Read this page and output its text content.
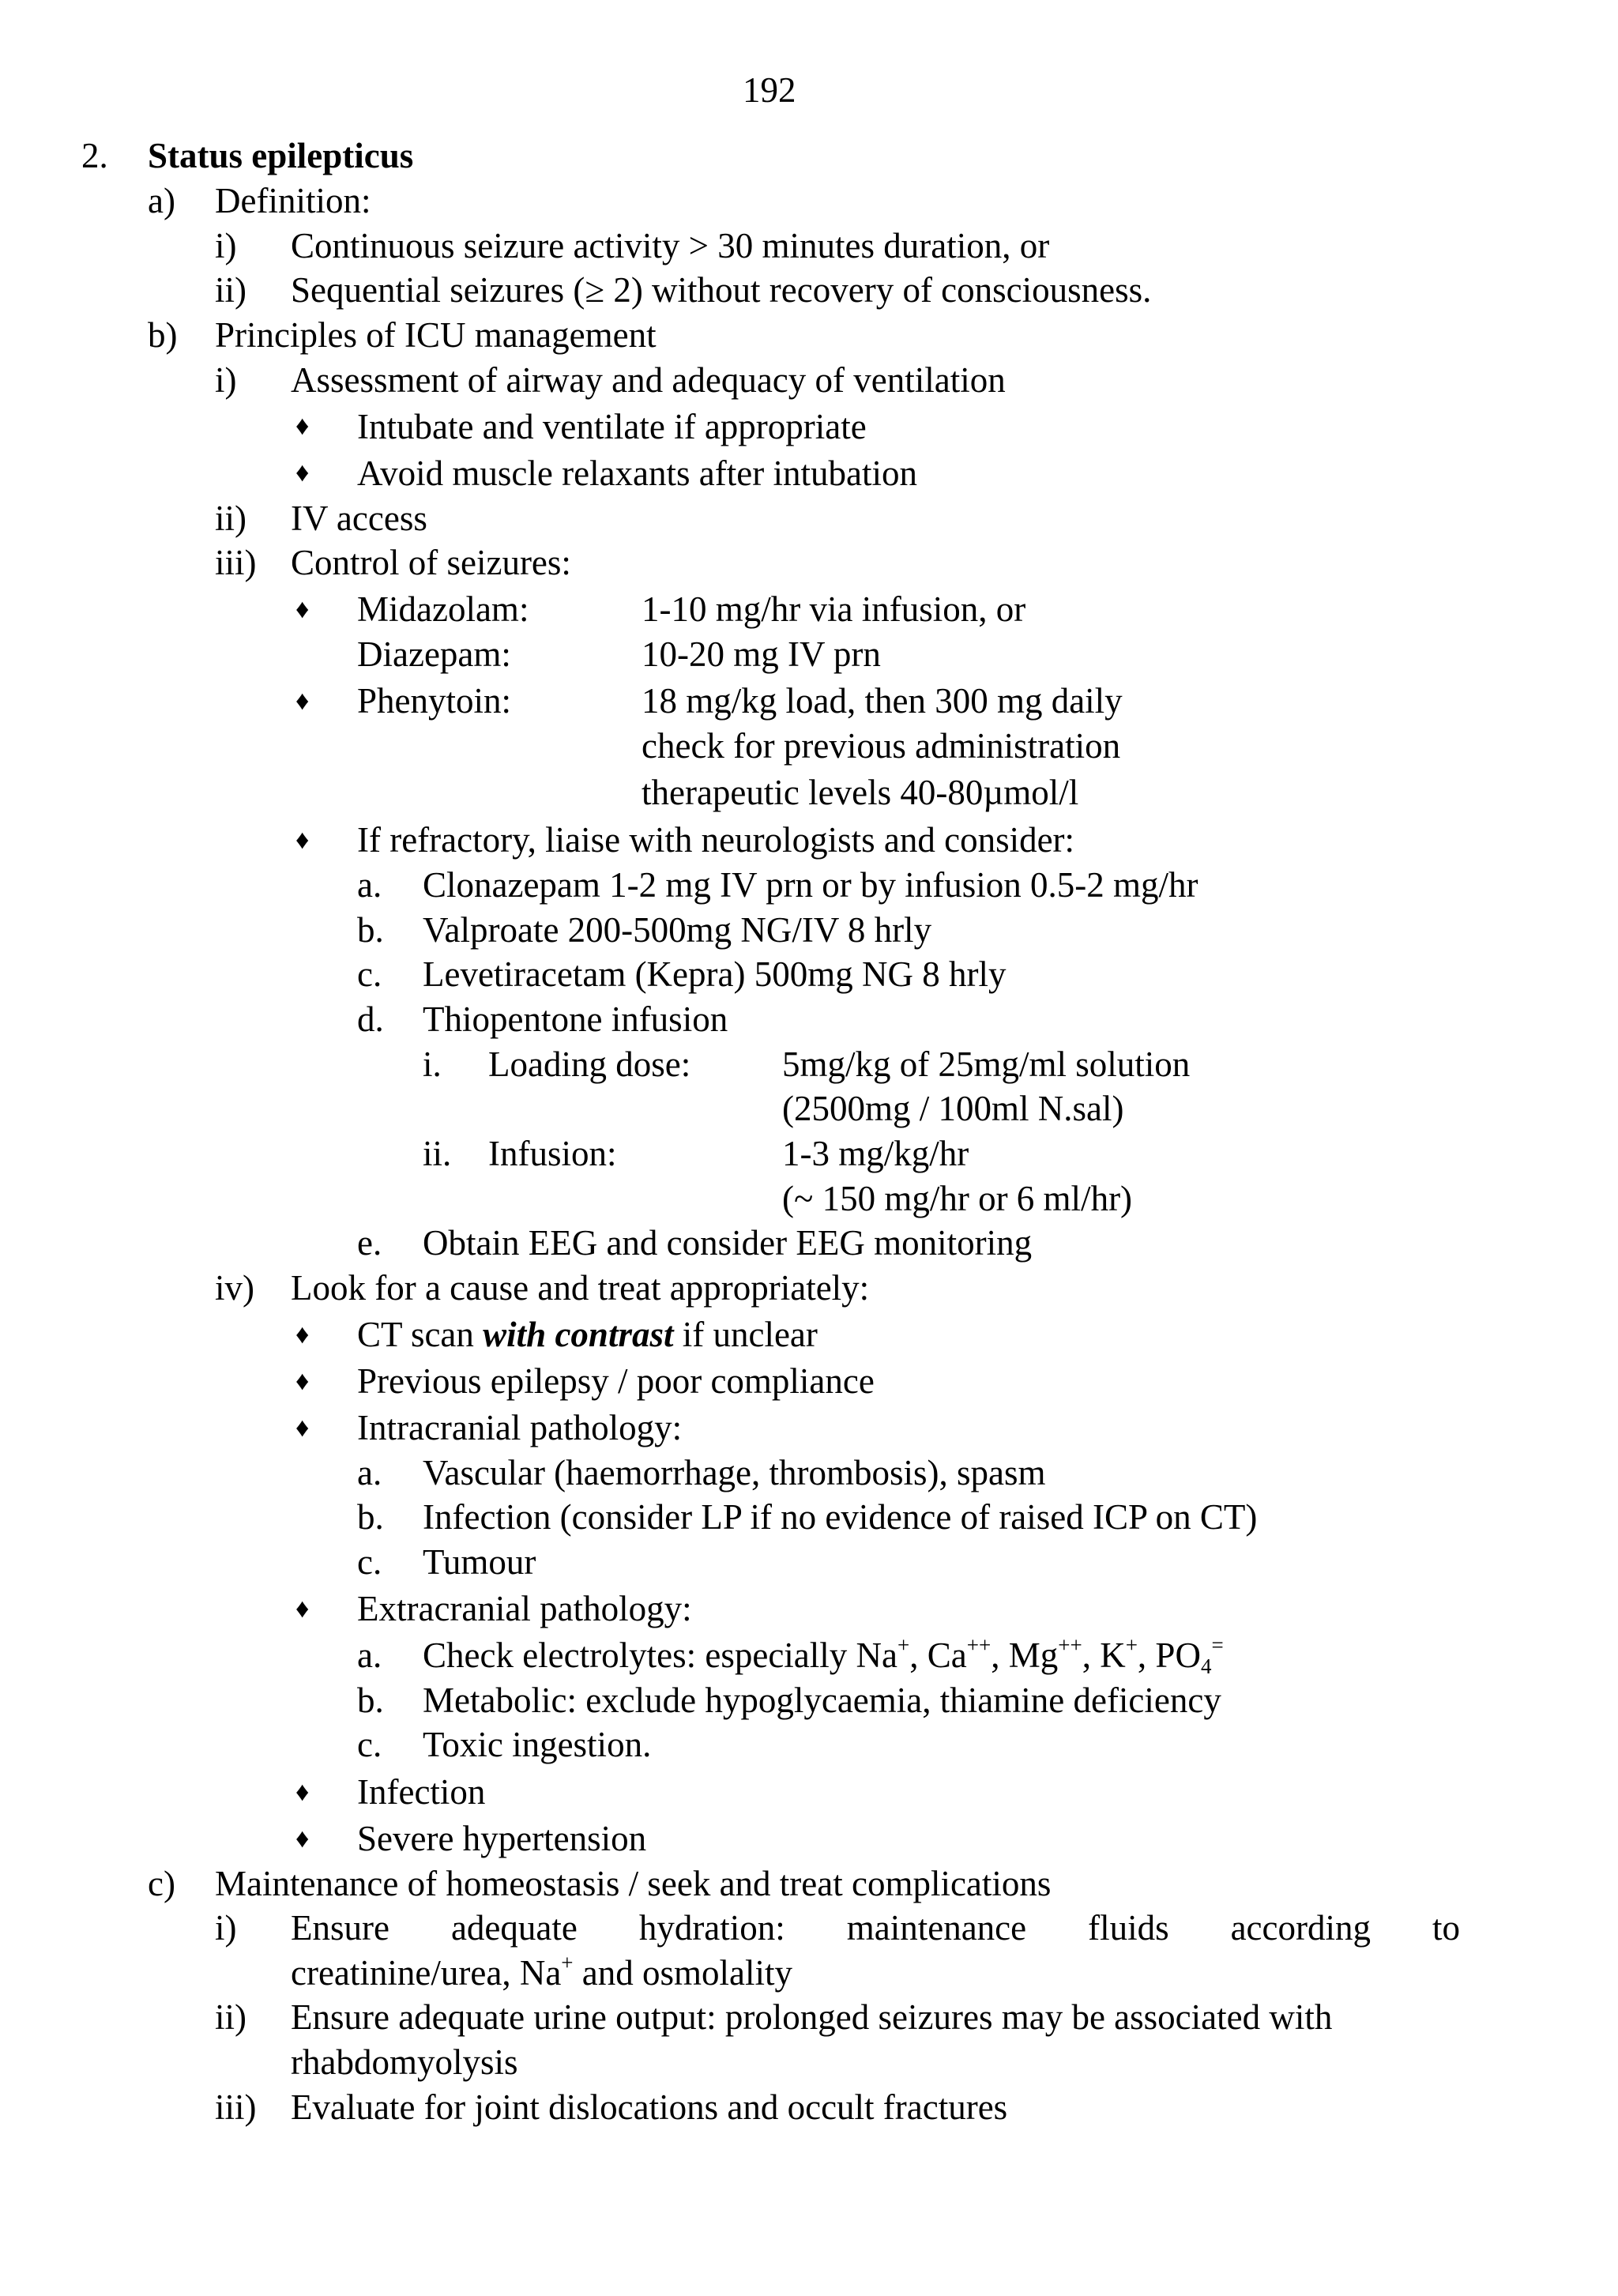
192
2. Status epilepticus
a) Definition:
i) Continuous seizure activity > 30 minutes duration, or
ii) Sequential seizures (≥ 2) without recovery of consciousness.
b) Principles of ICU management
i) Assessment of airway and adequacy of ventilation
♦ Intubate and ventilate if appropriate
♦ Avoid muscle relaxants after intubation
ii) IV access
iii) Control of seizures:
♦ Midazolam:	1-10 mg/hr via infusion, or
Diazepam:	10-20 mg IV prn
♦ Phenytoin:	18 mg/kg load, then 300 mg daily
check for previous administration
therapeutic levels 40-80µmol/l
♦ If refractory, liaise with neurologists and consider:
a. Clonazepam 1-2 mg IV prn or by infusion 0.5-2 mg/hr
b. Valproate 200-500mg NG/IV 8 hrly
c. Levetiracetam (Kepra) 500mg NG 8 hrly
d. Thiopentone infusion
i. Loading dose:	5mg/kg of 25mg/ml solution
(2500mg / 100ml N.sal)
ii. Infusion:	1-3 mg/kg/hr
(~ 150 mg/hr or 6 ml/hr)
e. Obtain EEG and consider EEG monitoring
iv) Look for a cause and treat appropriately:
♦ CT scan with contrast if unclear
♦ Previous epilepsy / poor compliance
♦ Intracranial pathology:
a. Vascular (haemorrhage, thrombosis), spasm
b. Infection (consider LP if no evidence of raised ICP on CT)
c. Tumour
♦ Extracranial pathology:
a. Check electrolytes: especially Na+, Ca++, Mg++, K+, $PO_4^=$
b. Metabolic: exclude hypoglycaemia, thiamine deficiency
c. Toxic ingestion.
♦ Infection
♦ Severe hypertension
c) Maintenance of homeostasis / seek and treat complications
i) Ensure adequate hydration: maintenance fluids according to
creatinine/urea, Na+ and osmolality
ii) Ensure adequate urine output: prolonged seizures may be associated with
rhabdomyolysis
iii) Evaluate for joint dislocations and occult fractures
